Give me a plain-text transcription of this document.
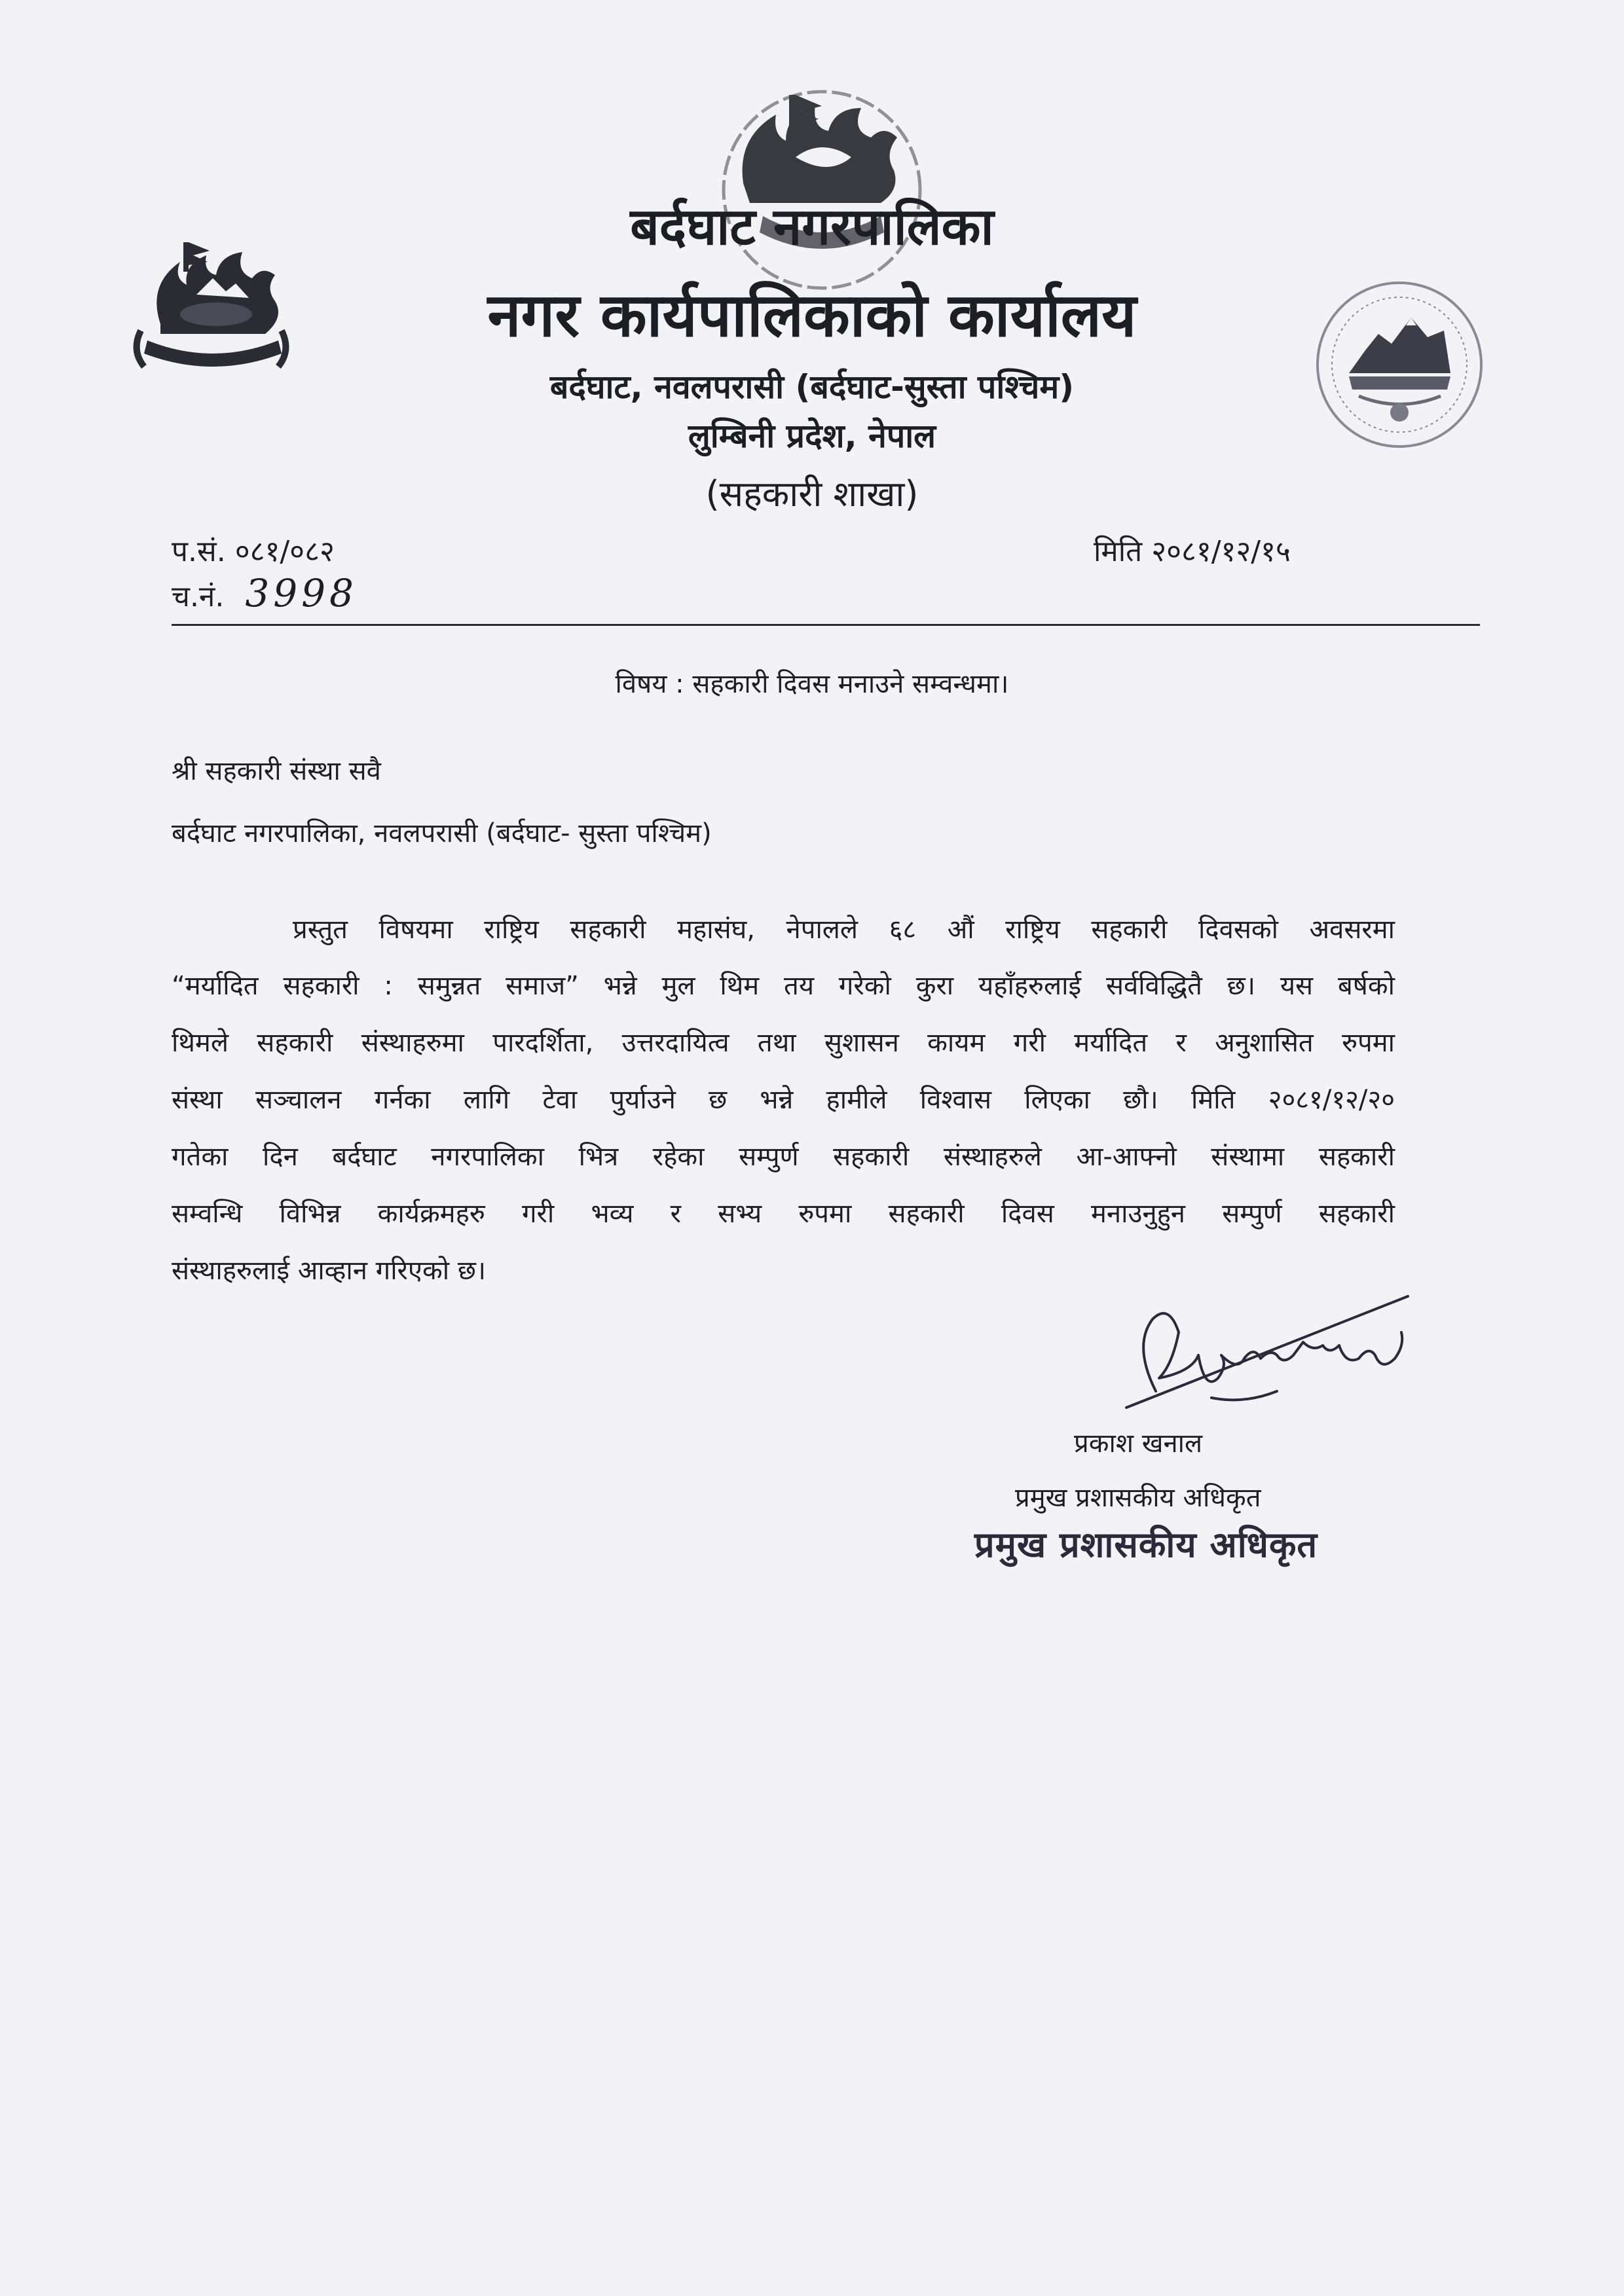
बर्दघाट नगरपालिका
नगर कार्यपालिकाको कार्यालय
बर्दघाट, नवलपरासी (बर्दघाट-सुस्ता पश्चिम)
लुम्बिनी प्रदेश, नेपाल
(सहकारी शाखा)
प.सं. ०८१/०८२
च.नं. 3998
मिति २०८१/१२/१५
विषय : सहकारी दिवस मनाउने सम्वन्धमा।
श्री सहकारी संस्था सवै
बर्दघाट नगरपालिका, नवलपरासी (बर्दघाट- सुस्ता पश्चिम)
प्रस्तुत विषयमा राष्ट्रिय सहकारी महासंघ, नेपालले ६८ औं राष्ट्रिय सहकारी दिवसको अवसरमा
“मर्यादित सहकारी : समुन्नत समाज” भन्ने मुल थिम तय गरेको कुरा यहाँहरुलाई सर्वविद्धितै छ। यस बर्षको
थिमले सहकारी संस्थाहरुमा पारदर्शिता, उत्तरदायित्व तथा सुशासन कायम गरी मर्यादित र अनुशासित रुपमा
संस्था सञ्चालन गर्नका लागि टेवा पुर्याउने छ भन्ने हामीले विश्वास लिएका छौ। मिति २०८१/१२/२०
गतेका दिन बर्दघाट नगरपालिका भित्र रहेका सम्पुर्ण सहकारी संस्थाहरुले आ-आफ्नो संस्थामा सहकारी
सम्वन्धि विभिन्न कार्यक्रमहरु गरी भव्य र सभ्य रुपमा सहकारी दिवस मनाउनुहुन सम्पुर्ण सहकारी
संस्थाहरुलाई आव्हान गरिएको छ।
प्रकाश खनाल
प्रमुख प्रशासकीय अधिकृत
प्रमुख प्रशासकीय अधिकृत
